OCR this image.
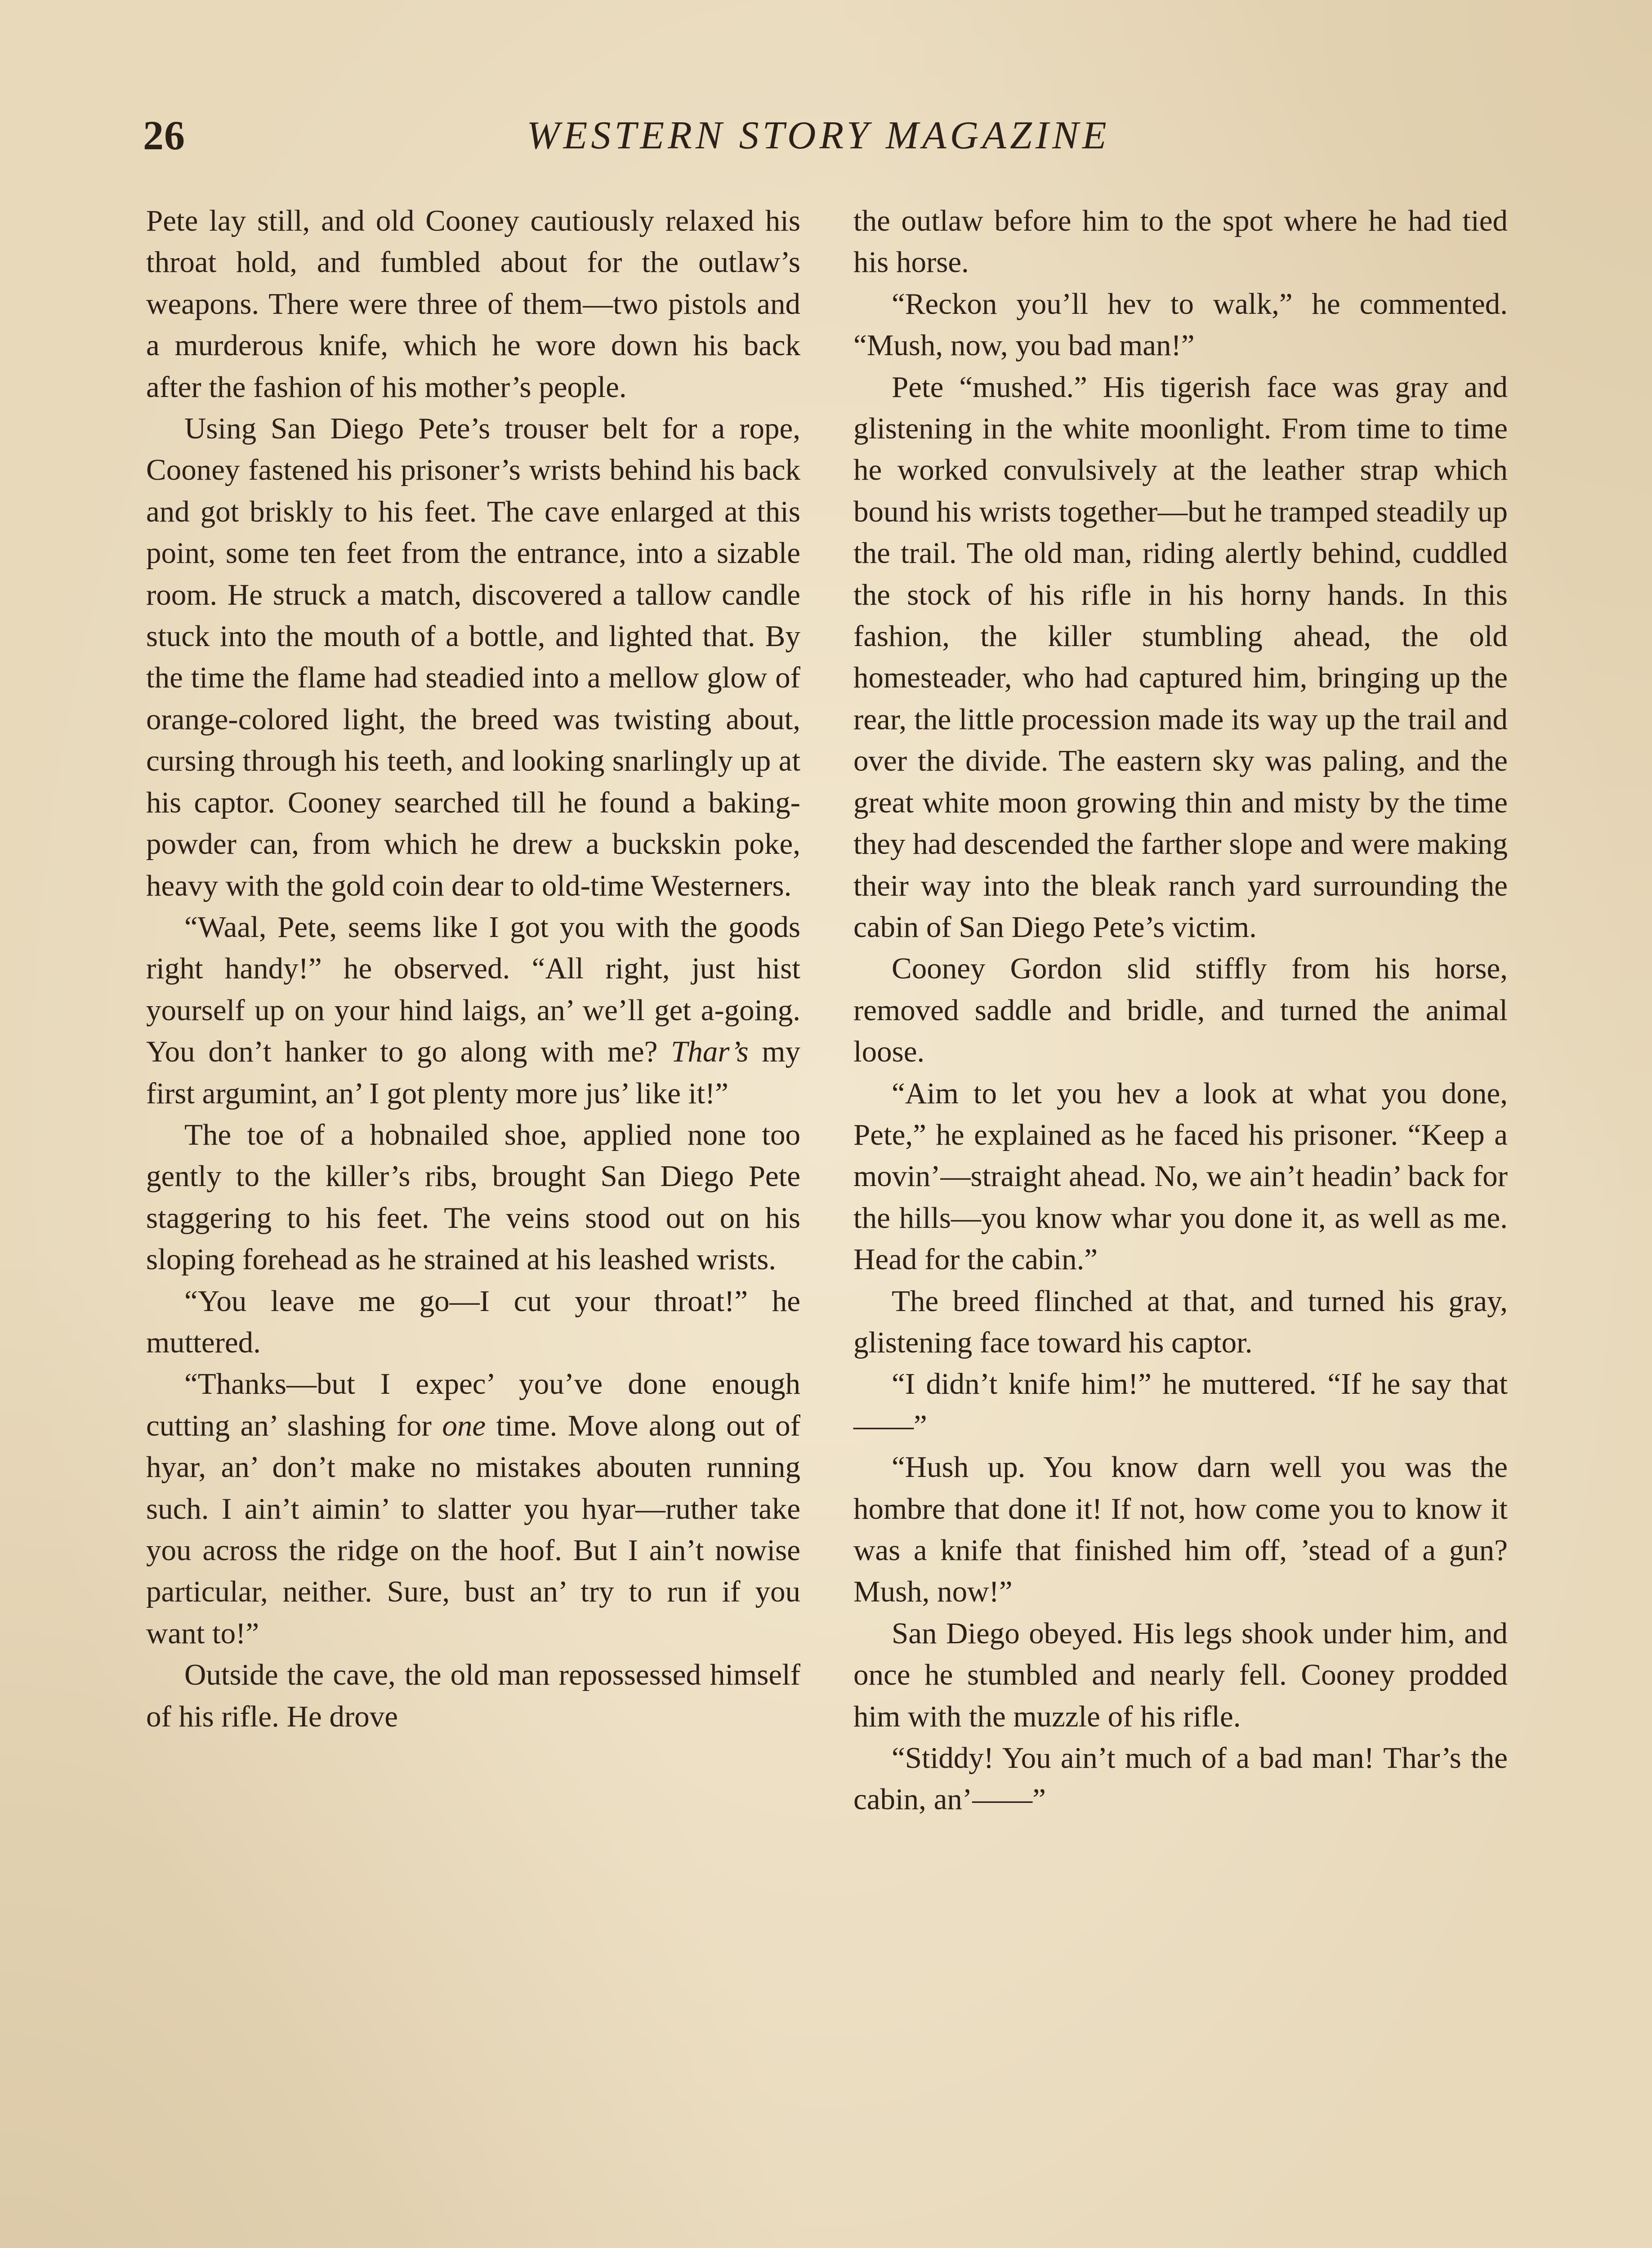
26	WESTERN STORY MAGAZINE

Pete lay still, and old Cooney cautiously relaxed his throat hold, and fumbled about for the outlaw’s weapons. There were three of them—two pistols and a murderous knife, which he wore down his back after the fashion of his mother’s people.

Using San Diego Pete’s trouser belt for a rope, Cooney fastened his prisoner’s wrists behind his back and got briskly to his feet. The cave enlarged at this point, some ten feet from the entrance, into a sizable room. He struck a match, discovered a tallow candle stuck into the mouth of a bottle, and lighted that. By the time the flame had steadied into a mellow glow of orange-colored light, the breed was twisting about, cursing through his teeth, and looking snarlingly up at his captor. Cooney searched till he found a baking-powder can, from which he drew a buckskin poke, heavy with the gold coin dear to old-time Westerners.

“Waal, Pete, seems like I got you with the goods right handy!” he observed. “All right, just hist yourself up on your hind laigs, an’ we’ll get a-going. You don’t hanker to go along with me? Thar’s my first argumint, an’ I got plenty more jus’ like it!”

The toe of a hobnailed shoe, applied none too gently to the killer’s ribs, brought San Diego Pete staggering to his feet. The veins stood out on his sloping forehead as he strained at his leashed wrists.

“You leave me go—I cut your throat!” he muttered.

“Thanks—but I expec’ you’ve done enough cutting an’ slashing for one time. Move along out of hyar, an’ don’t make no mistakes abouten running such. I ain’t aimin’ to slatter you hyar—ruther take you across the ridge on the hoof. But I ain’t nowise particular, neither. Sure, bust an’ try to run if you want to!”

Outside the cave, the old man repossessed himself of his rifle. He drove

the outlaw before him to the spot where he had tied his horse.

“Reckon you’ll hev to walk,” he commented. “Mush, now, you bad man!”

Pete “mushed.” His tigerish face was gray and glistening in the white moonlight. From time to time he worked convulsively at the leather strap which bound his wrists together—but he tramped steadily up the trail. The old man, riding alertly behind, cuddled the stock of his rifle in his horny hands. In this fashion, the killer stumbling ahead, the old homesteader, who had captured him, bringing up the rear, the little procession made its way up the trail and over the divide. The eastern sky was paling, and the great white moon growing thin and misty by the time they had descended the farther slope and were making their way into the bleak ranch yard surrounding the cabin of San Diego Pete’s victim.

Cooney Gordon slid stiffly from his horse, removed saddle and bridle, and turned the animal loose.

“Aim to let you hev a look at what you done, Pete,” he explained as he faced his prisoner. “Keep a movin’—straight ahead. No, we ain’t headin’ back for the hills—you know whar you done it, as well as me. Head for the cabin.”

The breed flinched at that, and turned his gray, glistening face toward his captor.

“I didn’t knife him!” he muttered. “If he say that——”

“Hush up. You know darn well you was the hombre that done it! If not, how come you to know it was a knife that finished him off, ’stead of a gun? Mush, now!”

San Diego obeyed. His legs shook under him, and once he stumbled and nearly fell. Cooney prodded him with the muzzle of his rifle.

“Stiddy! You ain’t much of a bad man! Thar’s the cabin, an’——”
